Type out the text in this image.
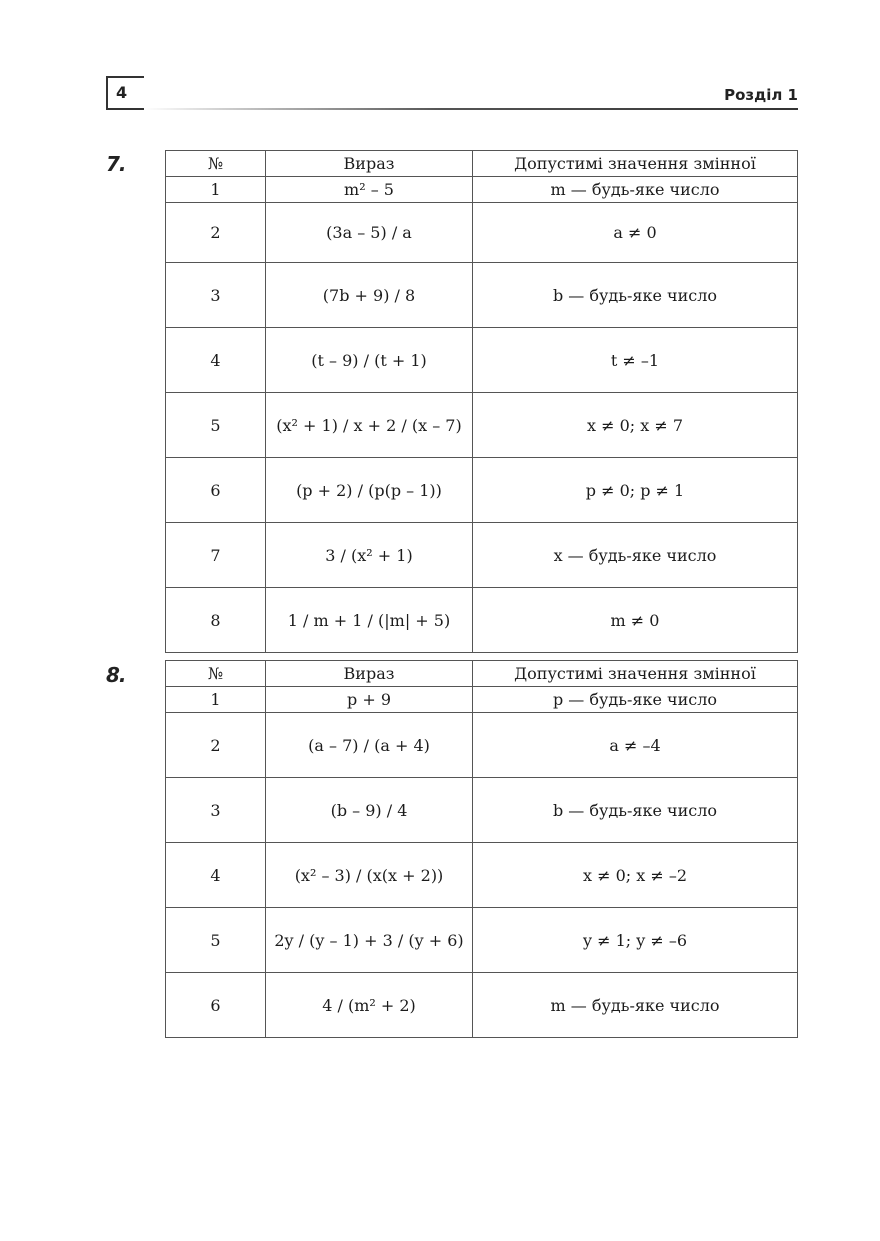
4	Розділ 1
7.	№	Вираз	Допустимі значення змінної
1	m² – 5	m — будь-яке число
2	(3a – 5) / a	a ≠ 0
3	(7b + 9) / 8	b — будь-яке число
4	(t – 9) / (t + 1)	t ≠ –1
5	(x² + 1) / x + 2 / (x – 7)	x ≠ 0; x ≠ 7
6	(p + 2) / (p(p – 1))	p ≠ 0; p ≠ 1
7	3 / (x² + 1)	x — будь-яке число
8	1 / m + 1 / (|m| + 5)	m ≠ 0
8.	№	Вираз	Допустимі значення змінної
1	p + 9	p — будь-яке число
2	(a – 7) / (a + 4)	a ≠ –4
3	(b – 9) / 4	b — будь-яке число
4	(x² – 3) / (x(x + 2))	x ≠ 0; x ≠ –2
5	2y / (y – 1) + 3 / (y + 6)	y ≠ 1; y ≠ –6
6	4 / (m² + 2)	m — будь-яке число
